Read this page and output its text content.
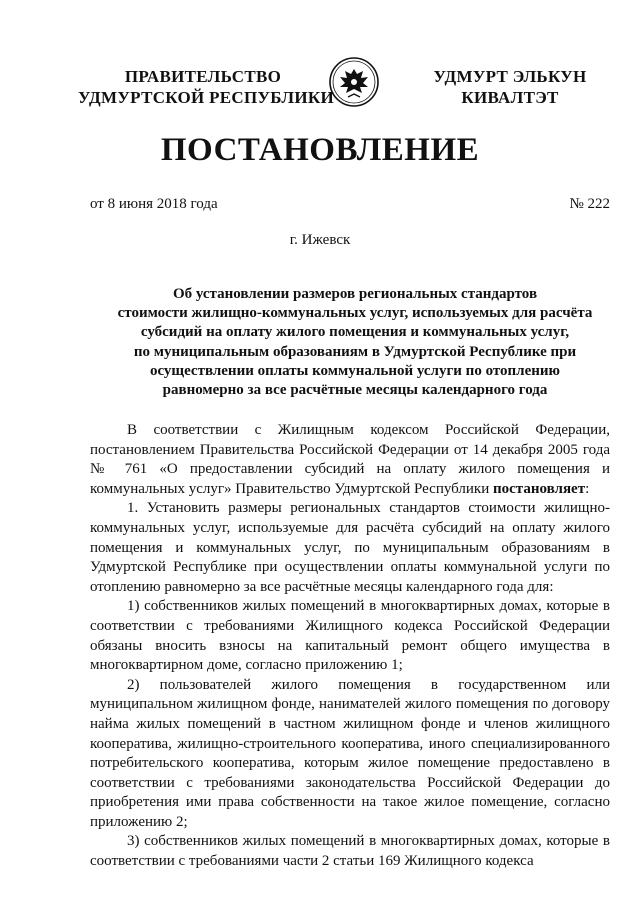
ПРАВИТЕЛЬСТВО
УДМУРТСКОЙ РЕСПУБЛИКИ
УДМУРТ ЭЛЬКУН
КИВАЛТЭТ
ПОСТАНОВЛЕНИЕ
от 8 июня 2018 года	№ 222
г. Ижевск
Об установлении размеров региональных стандартов
стоимости жилищно-коммунальных услуг, используемых для расчёта
субсидий на оплату жилого помещения и коммунальных услуг,
по муниципальным образованиям в Удмуртской Республике при
осуществлении оплаты коммунальной услуги по отоплению
равномерно за все расчётные месяцы календарного года

В соответствии с Жилищным кодексом Российской Федерации, постановлением Правительства Российской Федерации от 14 декабря 2005 года № 761 «О предоставлении субсидий на оплату жилого помещения и коммунальных услуг» Правительство Удмуртской Республики постановляет:

1. Установить размеры региональных стандартов стоимости жилищно-коммунальных услуг, используемые для расчёта субсидий на оплату жилого помещения и коммунальных услуг, по муниципальным образованиям в Удмуртской Республике при осуществлении оплаты коммунальной услуги по отоплению равномерно за все расчётные месяцы календарного года для:

1) собственников жилых помещений в многоквартирных домах, которые в соответствии с требованиями Жилищного кодекса Российской Федерации обязаны вносить взносы на капитальный ремонт общего имущества в многоквартирном доме, согласно приложению 1;

2) пользователей жилого помещения в государственном или муниципальном жилищном фонде, нанимателей жилого помещения по договору найма жилых помещений в частном жилищном фонде и членов жилищного кооператива, жилищно-строительного кооператива, иного специализированного потребительского кооператива, которым жилое помещение предоставлено в соответствии с требованиями законодательства Российской Федерации до приобретения ими права собственности на такое жилое помещение, согласно приложению 2;

3) собственников жилых помещений в многоквартирных домах, которые в соответствии с требованиями части 2 статьи 169 Жилищного кодекса
